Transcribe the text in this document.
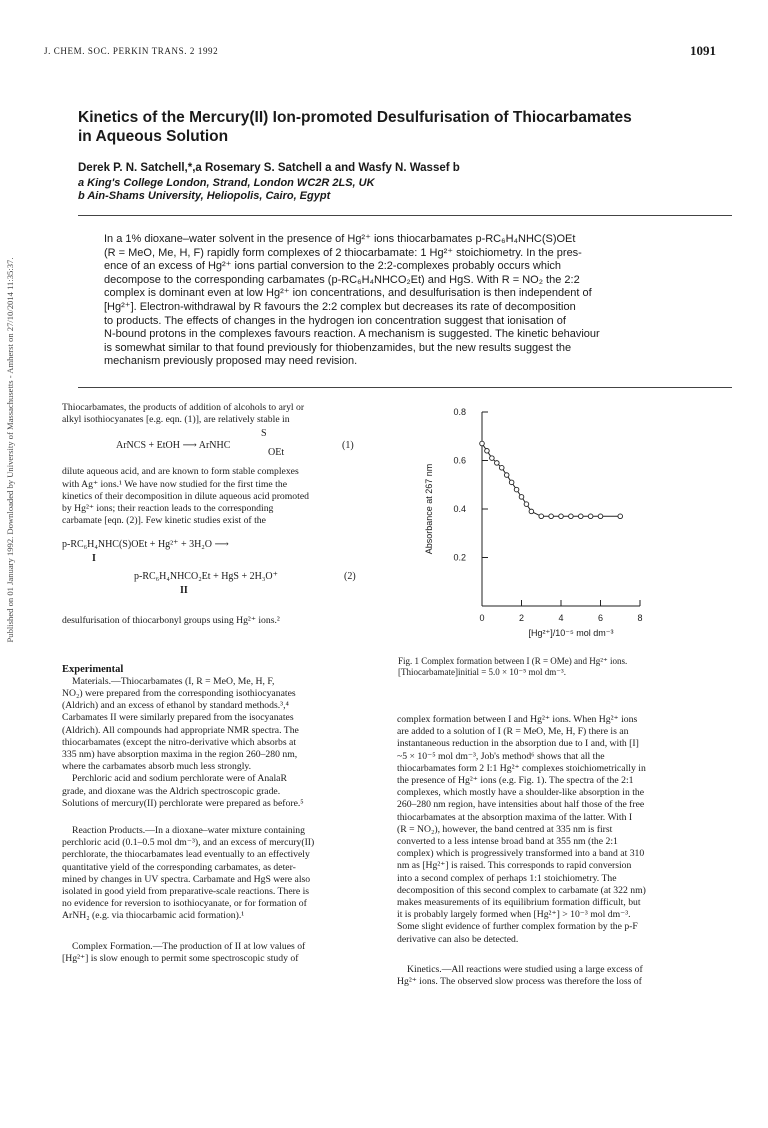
J. CHEM. SOC. PERKIN TRANS. 2 1992	1091
Published on 01 January 1992. Downloaded by University of Massachusetts - Amherst on 27/10/2014 11:35:37.
Kinetics of the Mercury(II) Ion-promoted Desulfurisation of Thiocarbamates
in Aqueous Solution
Derek P. N. Satchell,*,a Rosemary S. Satchell a and Wasfy N. Wassef b
a King's College London, Strand, London WC2R 2LS, UK
b Ain-Shams University, Heliopolis, Cairo, Egypt
In a 1% dioxane–water solvent in the presence of Hg²⁺ ions thiocarbamates p-RC₆H₄NHC(S)OEt
(R = MeO, Me, H, F) rapidly form complexes of 2 thiocarbamate: 1 Hg²⁺ stoichiometry. In the pres-
ence of an excess of Hg²⁺ ions partial conversion to the 2:2-complexes probably occurs which
decompose to the corresponding carbamates (p-RC₆H₄NHCO₂Et) and HgS. With R = NO₂ the 2:2
complex is dominant even at low Hg²⁺ ion concentrations, and desulfurisation is then independent of
[Hg²⁺]. Electron-withdrawal by R favours the 2:2 complex but decreases its rate of decomposition
to products. The effects of changes in the hydrogen ion concentration suggest that ionisation of
N-bound protons in the complexes favours reaction. A mechanism is suggested. The kinetic behaviour
is somewhat similar to that found previously for thiobenzamides, but the new results suggest the
mechanism previously proposed may need revision.
Thiocarbamates, the products of addition of alcohols to aryl or
alkyl isothiocyanates [e.g. eqn. (1)], are relatively stable in
S
ArNCS + EtOH ⟶ ArNHC
OEt
(1)
dilute aqueous acid, and are known to form stable complexes
with Ag⁺ ions.¹ We have now studied for the first time the
kinetics of their decomposition in dilute aqueous acid promoted
by Hg²⁺ ions; their reaction leads to the corresponding
carbamate [eqn. (2)]. Few kinetic studies exist of the
p-RC₆H₄NHC(S)OEt + Hg²⁺ + 3H₂O ⟶
I
p-RC₆H₄NHCO₂Et + HgS + 2H₃O⁺	(2)
II
desulfurisation of thiocarbonyl groups using Hg²⁺ ions.²
Experimental
Materials.—Thiocarbamates (I, R = MeO, Me, H, F,
NO₂) were prepared from the corresponding isothiocyanates
(Aldrich) and an excess of ethanol by standard methods.³,⁴
Carbamates II were similarly prepared from the isocyanates
(Aldrich). All compounds had appropriate NMR spectra. The
thiocarbamates (except the nitro-derivative which absorbs at
335 nm) have absorption maxima in the region 260–280 nm,
where the carbamates absorb much less strongly.
Perchloric acid and sodium perchlorate were of AnalaR
grade, and dioxane was the Aldrich spectroscopic grade.
Solutions of mercury(II) perchlorate were prepared as before.⁵
Reaction Products.—In a dioxane–water mixture containing
perchloric acid (0.1–0.5 mol dm⁻³), and an excess of mercury(II)
perchlorate, the thiocarbamates lead eventually to an effectively
quantitative yield of the corresponding carbamates, as deter-
mined by changes in UV spectra. Carbamate and HgS were also
isolated in good yield from preparative-scale reactions. There is
no evidence for reversion to isothiocyanate, or for formation of
ArNH₂ (e.g. via thiocarbamic acid formation).¹
Complex Formation.—The production of II at low values of
[Hg²⁺] is slow enough to permit some spectroscopic study of
0.2
0.4
0.6
0.8
0	2	4	6	8
Absorbance at 267 nm
[Hg²⁺]/10⁻⁵ mol dm⁻³
Fig. 1 Complex formation between I (R = OMe) and Hg²⁺ ions.
[Thiocarbamate]initial = 5.0 × 10⁻⁵ mol dm⁻³.
complex formation between I and Hg²⁺ ions. When Hg²⁺ ions
are added to a solution of I (R = MeO, Me, H, F) there is an
instantaneous reduction in the absorption due to I and, with [I]
~5 × 10⁻⁵ mol dm⁻³, Job's method⁶ shows that all the
thiocarbamates form 2 I:1 Hg²⁺ complexes stoichiometrically in
the presence of Hg²⁺ ions (e.g. Fig. 1). The spectra of the 2:1
complexes, which mostly have a shoulder-like absorption in the
260–280 nm region, have intensities about half those of the free
thiocarbamates at the absorption maxima of the latter. With I
(R = NO₂), however, the band centred at 335 nm is first
converted to a less intense broad band at 355 nm (the 2:1
complex) which is progressively transformed into a band at 310
nm as [Hg²⁺] is raised. This corresponds to rapid conversion
into a second complex of perhaps 1:1 stoichiometry. The
decomposition of this second complex to carbamate (at 322 nm)
makes measurements of its equilibrium formation difficult, but
it is probably largely formed when [Hg²⁺] > 10⁻³ mol dm⁻³.
Some slight evidence of further complex formation by the p-F
derivative can also be detected.
Kinetics.—All reactions were studied using a large excess of
Hg²⁺ ions. The observed slow process was therefore the loss of
